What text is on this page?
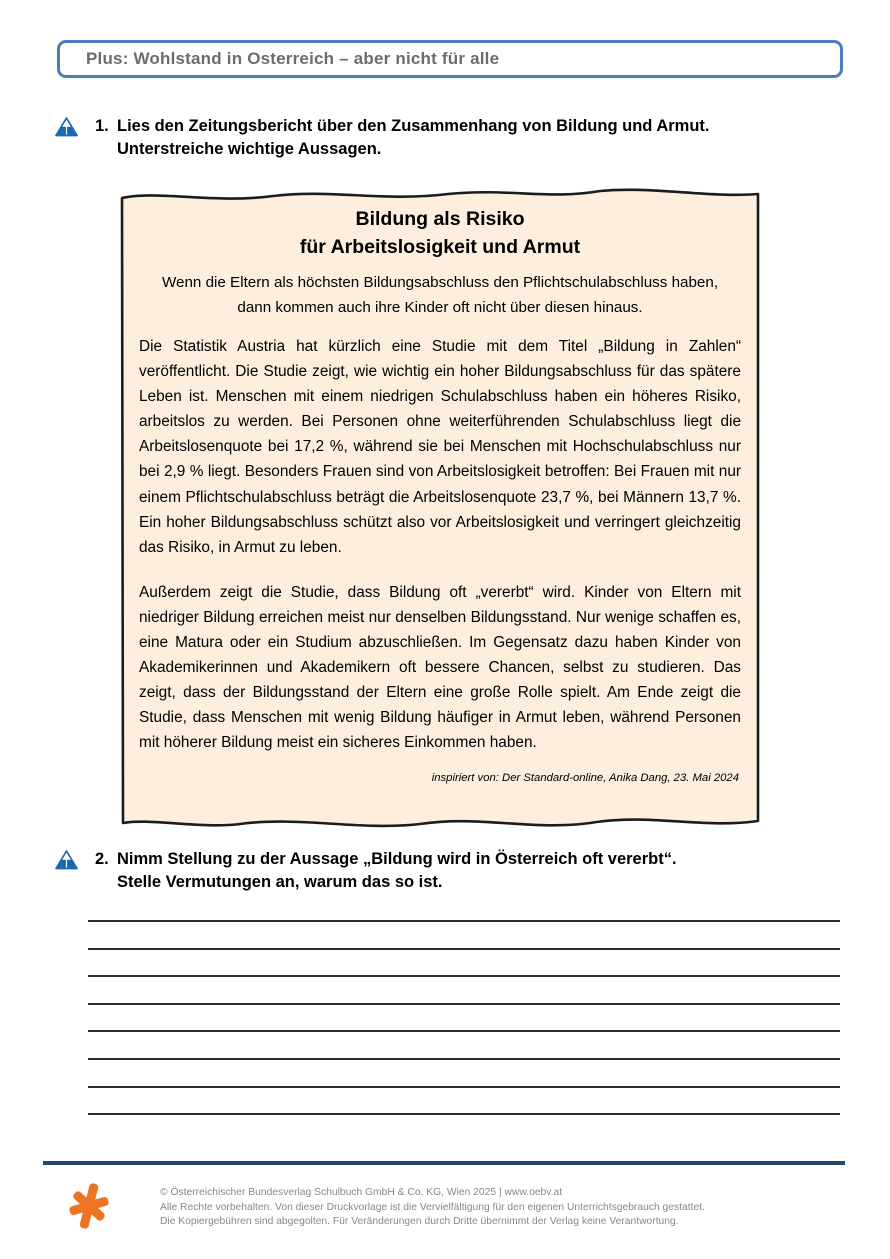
Plus: Wohlstand in Osterreich – aber nicht für alle
1. Lies den Zeitungsbericht über den Zusammenhang von Bildung und Armut.
Unterstreiche wichtige Aussagen.
Bildung als Risiko
für Arbeitslosigkeit und Armut
Wenn die Eltern als höchsten Bildungsabschluss den Pflichtschulabschluss haben,
dann kommen auch ihre Kinder oft nicht über diesen hinaus.
Die Statistik Austria hat kürzlich eine Studie mit dem Titel „Bildung in Zahlen“ veröffentlicht. Die Studie zeigt, wie wichtig ein hoher Bildungsabschluss für das spätere Leben ist. Menschen mit einem niedrigen Schulabschluss haben ein höheres Risiko, arbeitslos zu werden. Bei Personen ohne weiterführenden Schulabschluss liegt die Arbeitslosenquote bei 17,2 %, während sie bei Menschen mit Hochschulabschluss nur bei 2,9 % liegt. Besonders Frauen sind von Arbeitslosigkeit betroffen: Bei Frauen mit nur einem Pflichtschulabschluss beträgt die Arbeitslosenquote 23,7 %, bei Männern 13,7 %. Ein hoher Bildungsabschluss schützt also vor Arbeitslosigkeit und verringert gleichzeitig das Risiko, in Armut zu leben.
Außerdem zeigt die Studie, dass Bildung oft „vererbt“ wird. Kinder von Eltern mit niedriger Bildung erreichen meist nur denselben Bildungsstand. Nur wenige schaffen es, eine Matura oder ein Studium abzuschließen. Im Gegensatz dazu haben Kinder von Akademikerinnen und Akademikern oft bessere Chancen, selbst zu studieren. Das zeigt, dass der Bildungsstand der Eltern eine große Rolle spielt. Am Ende zeigt die Studie, dass Menschen mit wenig Bildung häufiger in Armut leben, während Personen mit höherer Bildung meist ein sicheres Einkommen haben.
inspiriert von: Der Standard-online, Anika Dang, 23. Mai 2024
2. Nimm Stellung zu der Aussage „Bildung wird in Österreich oft vererbt“.
Stelle Vermutungen an, warum das so ist.
© Österreichischer Bundesverlag Schulbuch GmbH & Co. KG, Wien 2025 | www.oebv.at
Alle Rechte vorbehalten. Von dieser Druckvorlage ist die Vervielfältigung für den eigenen Unterrichtsgebrauch gestattet.
Die Kopiergebühren sind abgegolten. Für Veränderungen durch Dritte übernimmt der Verlag keine Verantwortung.
